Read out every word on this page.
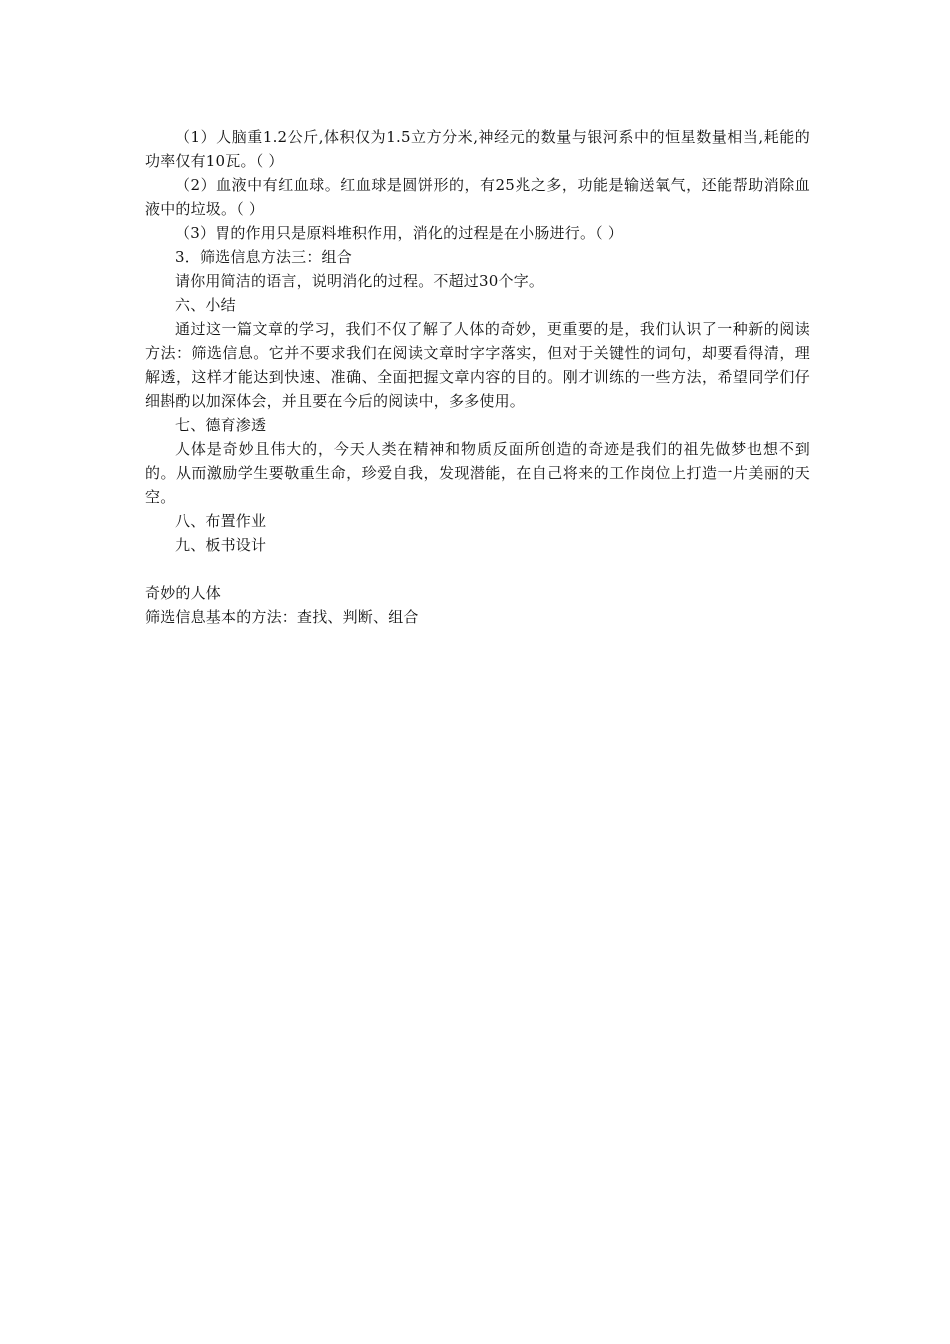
（1）人脑重1.2公斤,体积仅为1.5立方分米,神经元的数量与银河系中的恒星数量相当,耗能的功率仅有10瓦。（ ）

（2）血液中有红血球。红血球是圆饼形的，有25兆之多，功能是输送氧气，还能帮助消除血液中的垃圾。（ ）

（3）胃的作用只是原料堆积作用，消化的过程是在小肠进行。（ ）

3．筛选信息方法三：组合

请你用简洁的语言，说明消化的过程。不超过30个字。

六、小结

通过这一篇文章的学习，我们不仅了解了人体的奇妙，更重要的是，我们认识了一种新的阅读方法：筛选信息。它并不要求我们在阅读文章时字字落实，但对于关键性的词句，却要看得清，理解透，这样才能达到快速、准确、全面把握文章内容的目的。刚才训练的一些方法，希望同学们仔细斟酌以加深体会，并且要在今后的阅读中，多多使用。

七、德育渗透

人体是奇妙且伟大的，今天人类在精神和物质反面所创造的奇迹是我们的祖先做梦也想不到的。从而激励学生要敬重生命，珍爱自我，发现潜能，在自己将来的工作岗位上打造一片美丽的天空。

八、布置作业

九、板书设计

奇妙的人体

筛选信息基本的方法：查找、判断、组合
